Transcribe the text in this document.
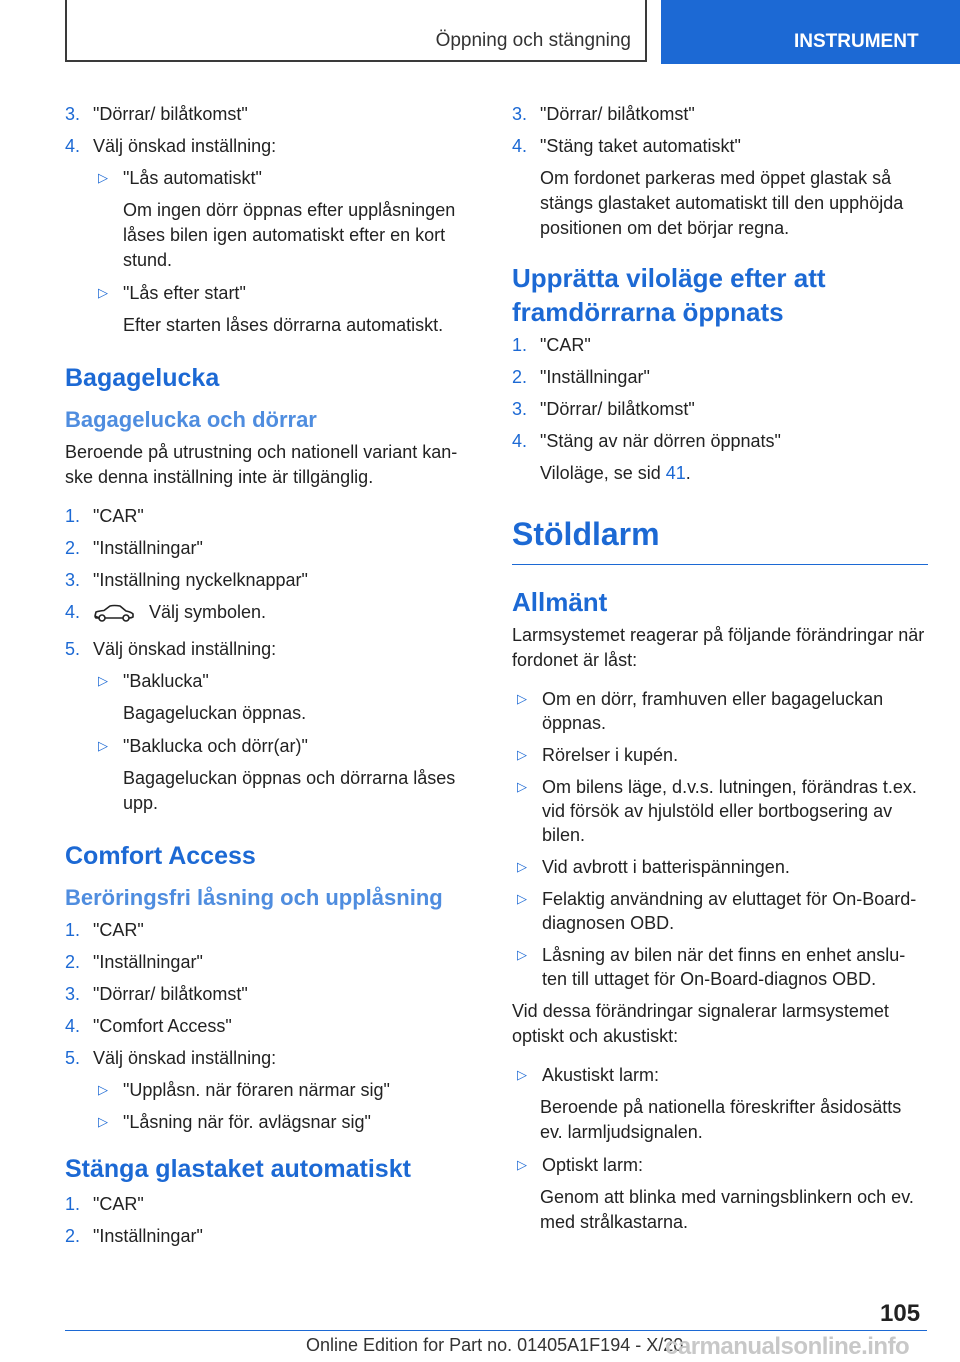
Öppning och stängning	INSTRUMENT
3. "Dörrar/ bilåtkomst"
4. Välj önskad inställning:
▷ "Lås automatiskt"
Om ingen dörr öppnas efter upplåsningen låses bilen igen automatiskt efter en kort stund.
▷ "Lås efter start"
Efter starten låses dörrarna automatiskt.
Bagagelucka
Bagagelucka och dörrar
Beroende på utrustning och nationell variant kan-ske denna inställning inte är tillgänglig.
1. "CAR"
2. "Inställningar"
3. "Inställning nyckelknappar"
4.	Välj symbolen.
5. Välj önskad inställning:
▷ "Baklucka"
Bagageluckan öppnas.
▷ "Baklucka och dörr(ar)"
Bagageluckan öppnas och dörrarna låses upp.
Comfort Access
Beröringsfri låsning och upplåsning
1. "CAR"
2. "Inställningar"
3. "Dörrar/ bilåtkomst"
4. "Comfort Access"
5. Välj önskad inställning:
▷ "Upplåsn. när föraren närmar sig"
▷ "Låsning när för. avlägsnar sig"
Stänga glastaket automatiskt
1. "CAR"
2. "Inställningar"
3. "Dörrar/ bilåtkomst"
4. "Stäng taket automatiskt"
Om fordonet parkeras med öppet glastak så stängs glastaket automatiskt till den upphöjda positionen om det börjar regna.
Upprätta viloläge efter att framdörrarna öppnats
1. "CAR"
2. "Inställningar"
3. "Dörrar/ bilåtkomst"
4. "Stäng av när dörren öppnats"
Viloläge, se sid 41.
Stöldlarm
Allmänt
Larmsystemet reagerar på följande förändringar när fordonet är låst:
▷ Om en dörr, framhuven eller bagageluckan öppnas.
▷ Rörelser i kupén.
▷ Om bilens läge, d.v.s. lutningen, förändras t.ex. vid försök av hjulstöld eller bortbogsering av bilen.
▷ Vid avbrott i batterispänningen.
▷ Felaktig användning av eluttaget för On-Board-diagnosen OBD.
▷ Låsning av bilen när det finns en enhet anslu-ten till uttaget för On-Board-diagnos OBD.
Vid dessa förändringar signalerar larmsystemet optiskt och akustiskt:
▷ Akustiskt larm:
Beroende på nationella föreskrifter åsidosätts ev. larmljudsignalen.
▷ Optiskt larm:
Genom att blinka med varningsblinkern och ev. med strålkastarna.
105
Online Edition for Part no. 01405A1F194 - X/20
carmanualsonline.info
